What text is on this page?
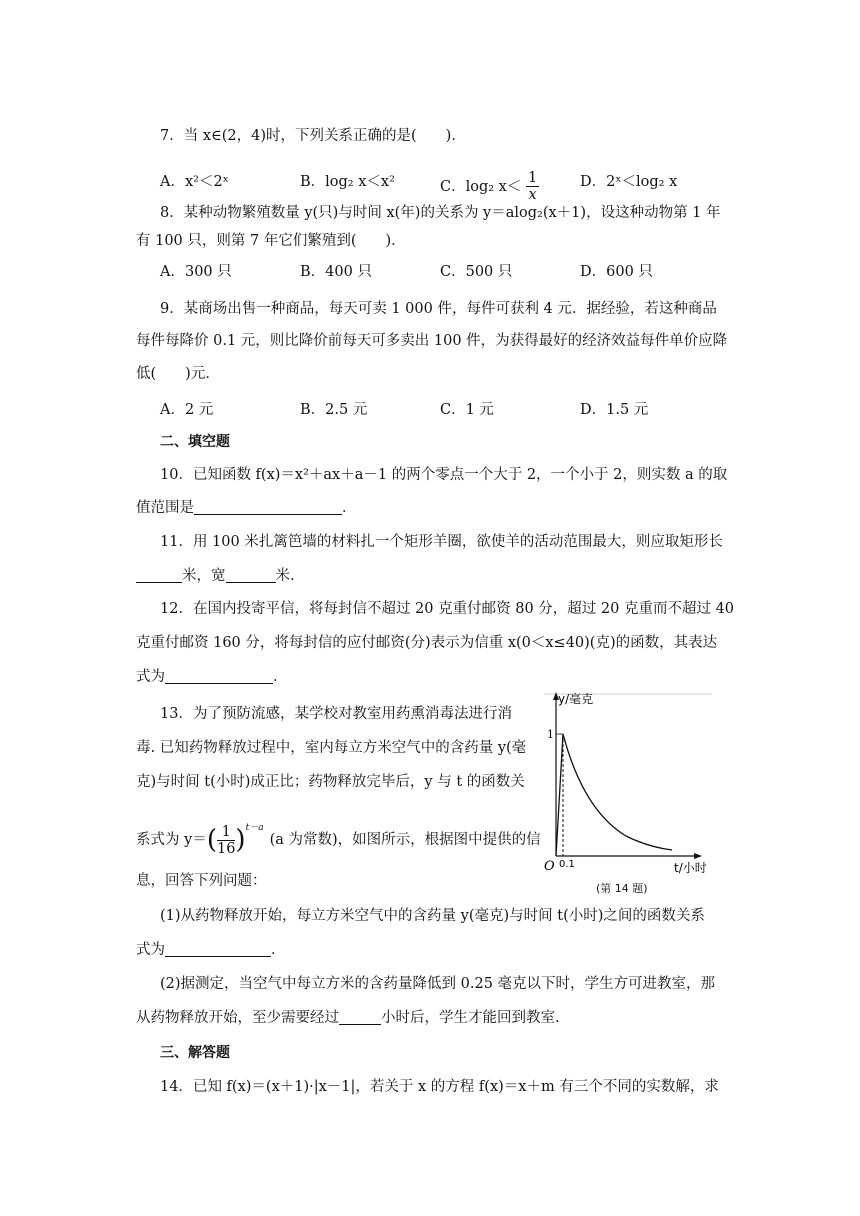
7．当 x∈(2，4)时，下列关系正确的是(　　)．
A．x²＜2ˣ	B．log₂ x＜x²	C．log₂ $x< \frac{1}{x}$	D．2ˣ＜log₂ x
8．某种动物繁殖数量 y(只)与时间 x(年)的关系为 y＝alog₂(x＋1)，设这种动物第 1 年
有 100 只，则第 7 年它们繁殖到(　　)．
A．300 只	B．400 只	C．500 只	D．600 只
9．某商场出售一种商品，每天可卖 1 000 件，每件可获利 4 元．据经验，若这种商品
每件每降价 0.1 元，则比降价前每天可多卖出 100 件，为获得最好的经济效益每件单价应降
低(　　)元．
A．2 元	B．2.5 元	C．1 元	D．1.5 元
二、填空题
10．已知函数 f(x)＝x²＋ax＋a－1 的两个零点一个大于 2，一个小于 2，则实数 a 的取
值范围是	．
11．用 100 米扎篱笆墙的材料扎一个矩形羊圈，欲使羊的活动范围最大，则应取矩形长
米，宽	米.
12．在国内投寄平信，将每封信不超过 20 克重付邮资 80 分，超过 20 克重而不超过 40
克重付邮资 160 分，将每封信的应付邮资(分)表示为信重 x(0＜x≤40)(克)的函数，其表达
式为	．
13．为了预防流感，某学校对教室用药熏消毒法进行消
毒. 已知药物释放过程中，室内每立方米空气中的含药量 y(毫
克)与时间 t(小时)成正比；药物释放完毕后，y 与 t 的函数关
系式为 $y=( \frac{1}{16} )^{t-a}(a$ 为常数)，如图所示，根据图中提供的信
息，回答下列问题：
(1)从药物释放开始，每立方米空气中的含药量 y(毫克)与时间 t(小时)之间的函数关系
式为	．
(2)据测定，当空气中每立方米的含药量降低到 0.25 毫克以下时，学生方可进教室，那
从药物释放开始，至少需要经过	小时后，学生才能回到教室.
y/毫克
1
O 0.1	t/小时
(第 14 题)
三、解答题
14．已知 f(x)＝(x＋1)·|x－1|，若关于 x 的方程 f(x)＝x＋m 有三个不同的实数解，求
